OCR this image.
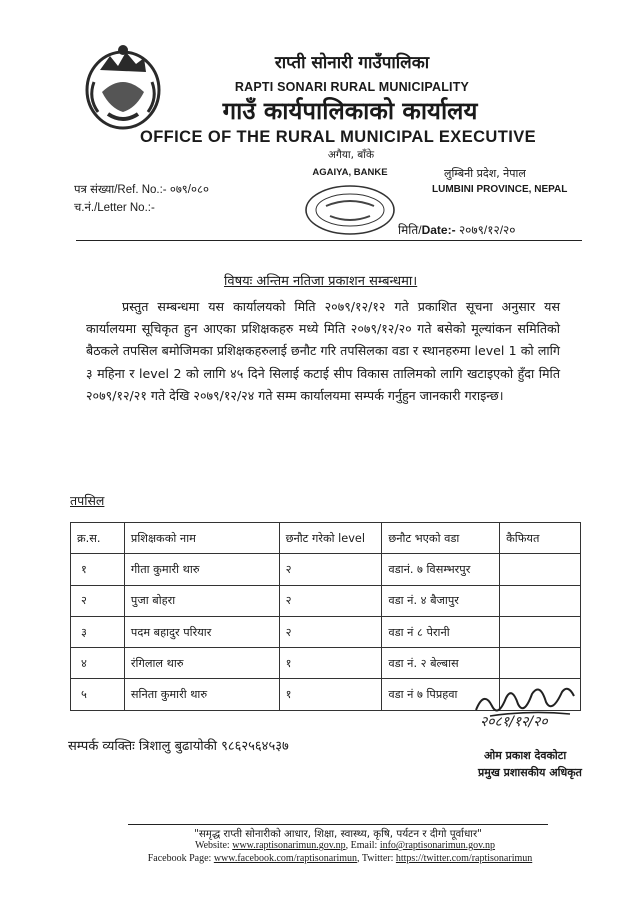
राप्ती सोनारी गाउँपालिका
RAPTI SONARI RURAL MUNICIPALITY
गाउँ कार्यपालिकाको कार्यालय
OFFICE OF THE RURAL MUNICIPAL EXECUTIVE
अगैया, बाँके
AGAIYA, BANKE	लुम्बिनी प्रदेश, नेपाल
LUMBINI PROVINCE, NEPAL
पत्र संख्या/Ref. No.:- ०७९/०८०
च.नं./Letter No.:-
मिति/Date:- २०७९/१२/२०
विषयः अन्तिम नतिजा प्रकाशन सम्बन्धमा।
प्रस्तुत सम्बन्धमा यस कार्यालयको मिति २०७९/१२/१२ गते प्रकाशित सूचना अनुसार यस कार्यालयमा सूचिकृत हुन आएका प्रशिक्षकहरु मध्ये मिति २०७९/१२/२० गते बसेको मूल्यांकन समितिको बैठकले तपसिल बमोजिमका प्रशिक्षकहरुलाई छनौट गरि तपसिलका वडा र स्थानहरुमा level 1 को लागि ३ महिना र level 2 को लागि ४५ दिने सिलाई कटाई सीप विकास तालिमको लागि खटाइएको हुँदा मिति २०७९/१२/२१ गते देखि २०७९/१२/२४ गते सम्म कार्यालयमा सम्पर्क गर्नुहुन जानकारी गराइन्छ।
तपसिल
क्र.स.	प्रशिक्षकको नाम	छनौट गरेको level	छनौट भएको वडा	कैफियत
१	गीता कुमारी थारु	२	वडानं. ७ विसम्भरपुर	
२	पुजा बोहरा	२	वडा नं. ४ बैजापुर	
३	पदम बहादुर परियार	२	वडा नं ८ पेरानी	
४	रंगिलाल थारु	१	वडा नं. २ बेल्बास	
५	सनिता कुमारी थारु	१	वडा नं ७ पिप्रहवा	
२०८१/१२/२०
ओम प्रकाश देवकोटा
प्रमुख प्रशासकीय अधिकृत
सम्पर्क व्यक्तिः त्रिशालु बुढायोकी ९८६२५६४५३७
"समृद्ध राप्ती सोनारीको आधार, शिक्षा, स्वास्थ्य, कृषि, पर्यटन र दीगो पूर्वाधार"
Website: www.raptisonarimun.gov.np, Email: info@raptisonarimun.gov.np
Facebook Page: www.facebook.com/raptisonarimun, Twitter: https://twitter.com/raptisonarimun
